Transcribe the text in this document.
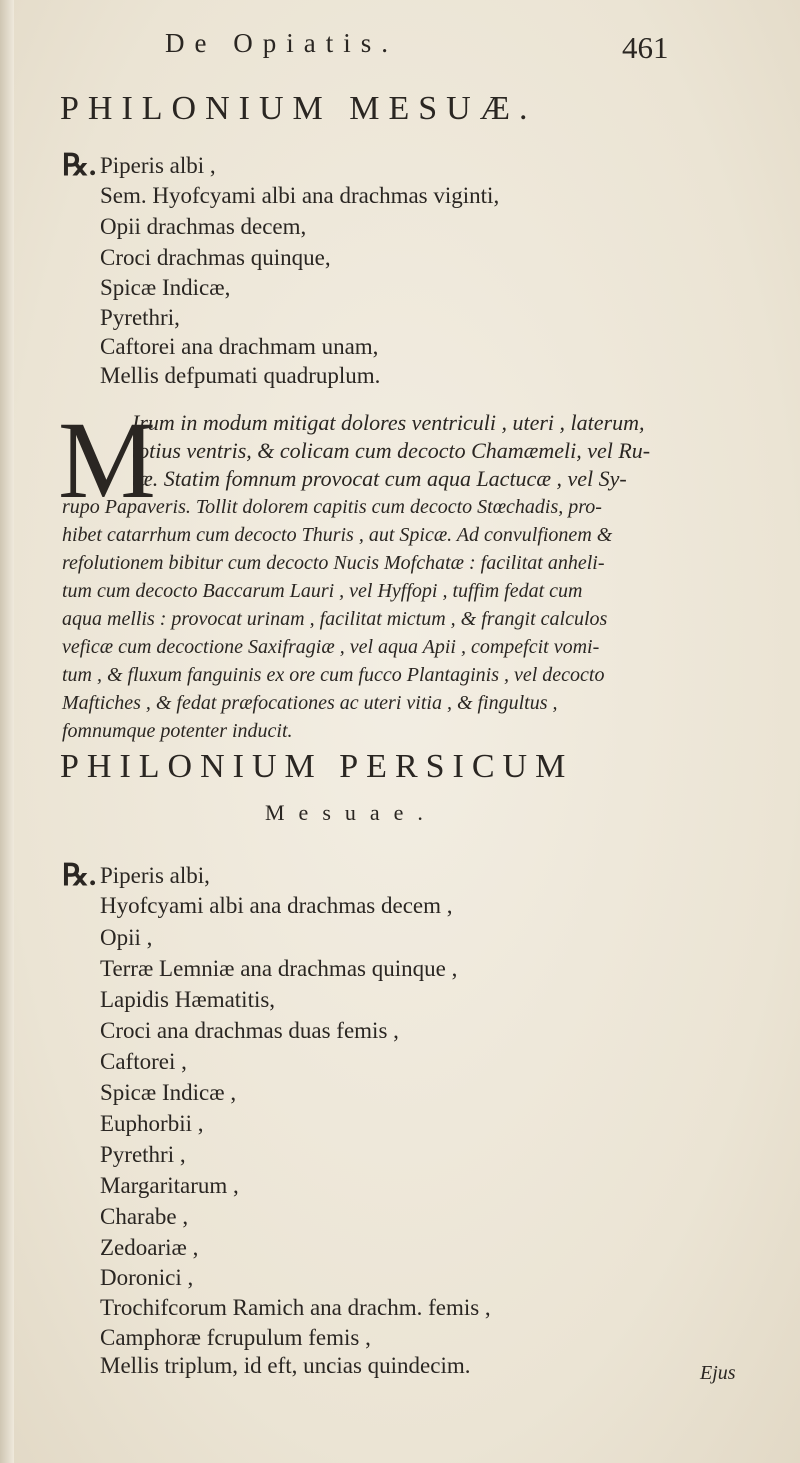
De Opiatis.	461
PHILONIUM MESUÆ.
℞. Piperis albi ,
Sem. Hyofcyami albi ana drachmas viginti,
Opii drachmas decem,
Croci drachmas quinque,
Spicæ Indicæ,
Pyrethri,
Caftorei ana drachmam unam,
Mellis defpumati quadruplum.
M
Irum in modum mitigat dolores ventriculi , uteri , laterum,
totius ventris, & colicam cum decocto Chamæmeli, vel Ru-
tæ. Statim fomnum provocat cum aqua Lactucæ , vel Sy-
rupo Papaveris. Tollit dolorem capitis cum decocto Stœchadis, pro-
hibet catarrhum cum decocto Thuris , aut Spicæ. Ad convulfionem &
refolutionem bibitur cum decocto Nucis Mofchatæ : facilitat anheli-
tum cum decocto Baccarum Lauri , vel Hyffopi , tuffim fedat cum
aqua mellis : provocat urinam , facilitat mictum , & frangit calculos
veficæ cum decoctione Saxifragiæ , vel aqua Apii , compefcit vomi-
tum , & fluxum fanguinis ex ore cum fucco Plantaginis , vel decocto
Maftiches , & fedat præfocationes ac uteri vitia , & fingultus ,
fomnumque potenter inducit.
PHILONIUM PERSICUM
Mesuae.
℞. Piperis albi,
Hyofcyami albi ana drachmas decem ,
Opii ,
Terræ Lemniæ ana drachmas quinque ,
Lapidis Hæmatitis,
Croci ana drachmas duas femis ,
Caftorei ,
Spicæ Indicæ ,
Euphorbii ,
Pyrethri ,
Margaritarum ,
Charabe ,
Zedoariæ ,
Doronici ,
Trochifcorum Ramich ana drachm. femis ,
Camphoræ fcrupulum femis ,
Mellis triplum, id eft, uncias quindecim.	Ejus
